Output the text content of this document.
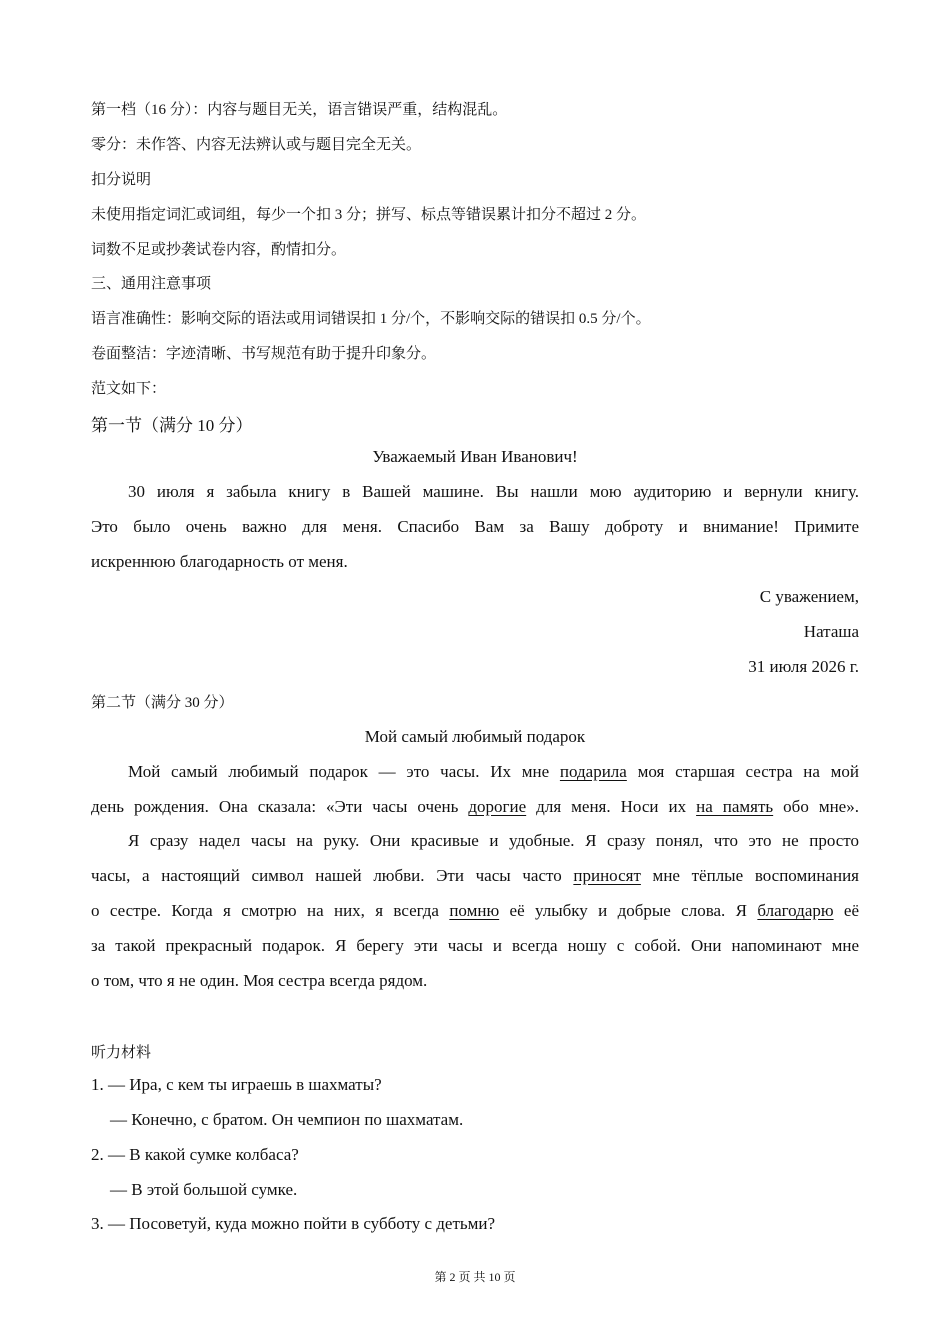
第一档（16 分）：内容与题目无关，语言错误严重，结构混乱。
零分：未作答、内容无法辨认或与题目完全无关。
扣分说明
未使用指定词汇或词组，每少一个扣 3 分；拼写、标点等错误累计扣分不超过 2 分。
词数不足或抄袭试卷内容，酌情扣分。
三、通用注意事项
语言准确性：影响交际的语法或用词错误扣 1 分/个，不影响交际的错误扣 0.5 分/个。
卷面整洁：字迹清晰、书写规范有助于提升印象分。
范文如下：
第一节（满分 10 分）
Уважаемый Иван Иванович!
30 июля я забыла книгу в Вашей машине. Вы нашли мою аудиторию и вернули книгу.
Это было очень важно для меня. Спасибо Вам за Вашу доброту и внимание! Примите
искреннюю благодарность от меня.
С уважением,
Наташа
31 июля 2026 г.
第二节（满分 30 分）
Мой самый любимый подарок
Мой самый любимый подарок — это часы. Их мне подарила моя старшая сестра на мой
день рождения. Она сказала: «Эти часы очень дорогие для меня. Носи их на память обо мне».
Я сразу надел часы на руку. Они красивые и удобные. Я сразу понял, что это не просто
часы, а настоящий символ нашей любви. Эти часы часто приносят мне тёплые воспоминания
о сестре. Когда я смотрю на них, я всегда помню её улыбку и добрые слова. Я благодарю её
за такой прекрасный подарок. Я берегу эти часы и всегда ношу с собой. Они напоминают мне
о том, что я не один. Моя сестра всегда рядом.
听力材料
1. — Ира, с кем ты играешь в шахматы?
— Конечно, с братом. Он чемпион по шахматам.
2. — В какой сумке колбаса?
— В этой большой сумке.
3. — Посоветуй, куда можно пойти в субботу с детьми?
第 2 页 共 10 页
